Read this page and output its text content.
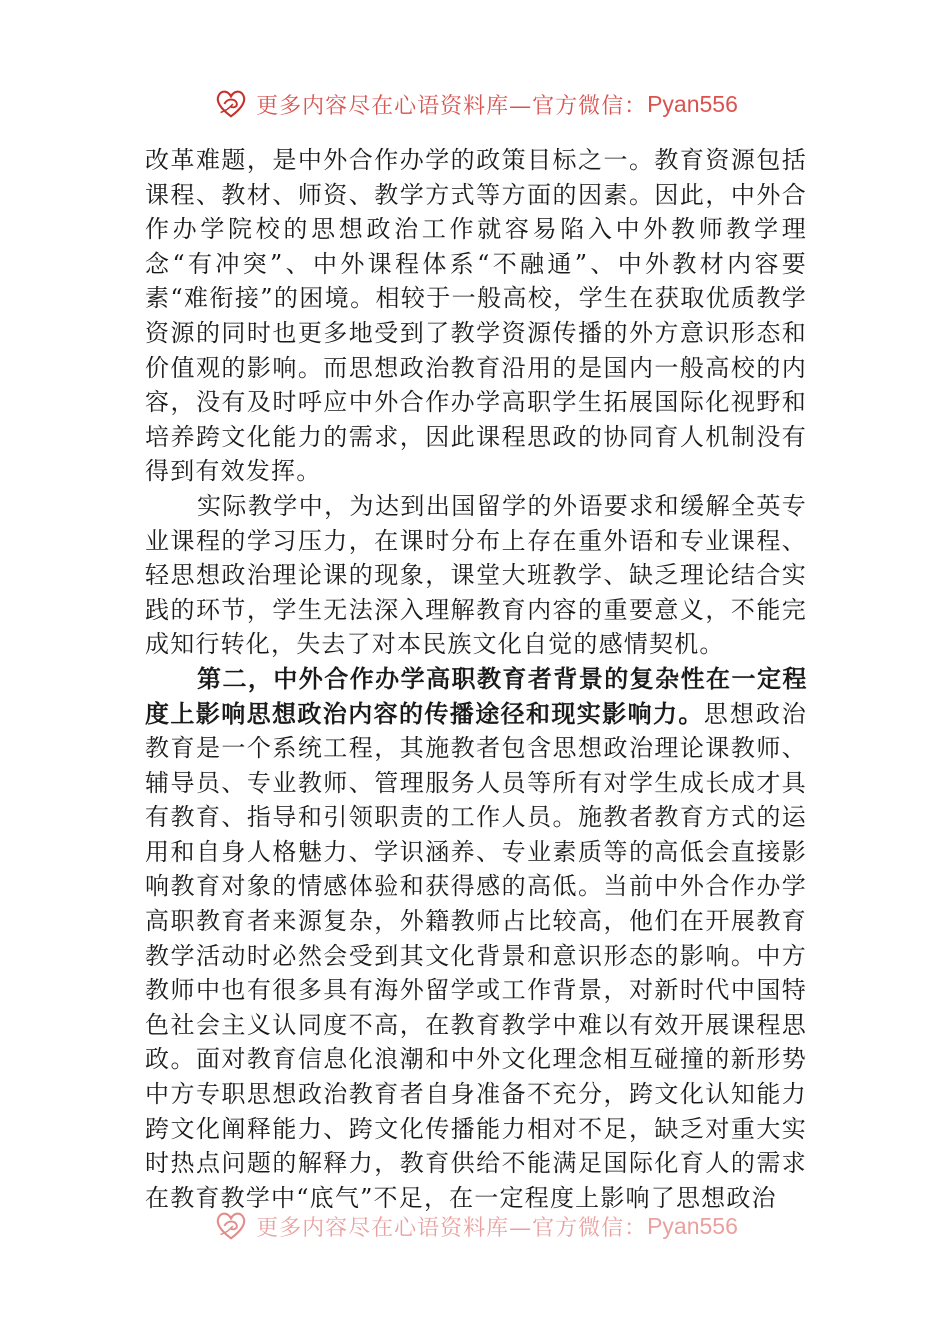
更多内容尽在心语资料库—官方微信： Pyan556

改革难题，是中外合作办学的政策目标之一。教育资源包括课程、教材、师资、教学方式等方面的因素。因此，中外合作办学院校的思想政治工作就容易陷入中外教师教学理念“有冲突”、中外课程体系“不融通”、中外教材内容要素“难衔接”的困境。相较于一般高校，学生在获取优质教学资源的同时也更多地受到了教学资源传播的外方意识形态和价值观的影响。而思想政治教育沿用的是国内一般高校的内容，没有及时呼应中外合作办学高职学生拓展国际化视野和培养跨文化能力的需求，因此课程思政的协同育人机制没有得到有效发挥。

实际教学中，为达到出国留学的外语要求和缓解全英专业课程的学习压力，在课时分布上存在重外语和专业课程、轻思想政治理论课的现象，课堂大班教学、缺乏理论结合实践的环节，学生无法深入理解教育内容的重要意义，不能完成知行转化，失去了对本民族文化自觉的感情契机。

第二，中外合作办学高职教育者背景的复杂性在一定程度上影响思想政治内容的传播途径和现实影响力。思想政治教育是一个系统工程，其施教者包含思想政治理论课教师、辅导员、专业教师、管理服务人员等所有对学生成长成才具有教育、指导和引领职责的工作人员。施教者教育方式的运用和自身人格魅力、学识涵养、专业素质等的高低会直接影响教育对象的情感体验和获得感的高低。当前中外合作办学高职教育者来源复杂，外籍教师占比较高，他们在开展教育教学活动时必然会受到其文化背景和意识形态的影响。中方教师中也有很多具有海外留学或工作背景，对新时代中国特色社会主义认同度不高，在教育教学中难以有效开展课程思政。面对教育信息化浪潮和中外文化理念相互碰撞的新形势中方专职思想政治教育者自身准备不充分，跨文化认知能力跨文化阐释能力、跨文化传播能力相对不足，缺乏对重大实时热点问题的解释力，教育供给不能满足国际化育人的需求在教育教学中“底气”不足，在一定程度上影响了思想政治

更多内容尽在心语资料库—官方微信： Pyan556
